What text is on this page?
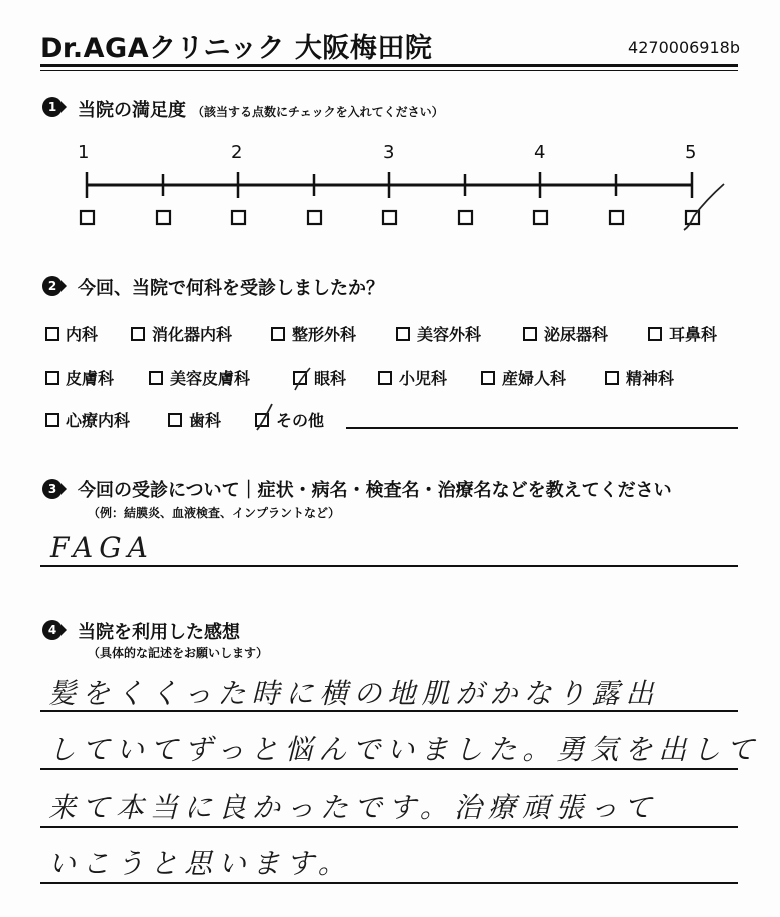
Dr.AGAクリニック 大阪梅田院	4270006918b
1	当院の満足度 （該当する点数にチェックを入れてください）
1	2	3	4	5
2	今回、当院で何科を受診しましたか？
内科	消化器内科	整形外科	美容外科	泌尿器科	耳鼻科
皮膚科	美容皮膚科	眼科	小児科	産婦人科	精神科
心療内科	歯科	その他
3	今回の受診について｜症状・病名・検査名・治療名などを教えてください
（例：結膜炎、血液検査、インプラントなど）
FAGA
4	当院を利用した感想
（具体的な記述をお願いします）
髪をくくった時に横の地肌がかなり露出
していてずっと悩んでいました。勇気を出して
来て本当に良かったです。治療頑張って
いこうと思います。
